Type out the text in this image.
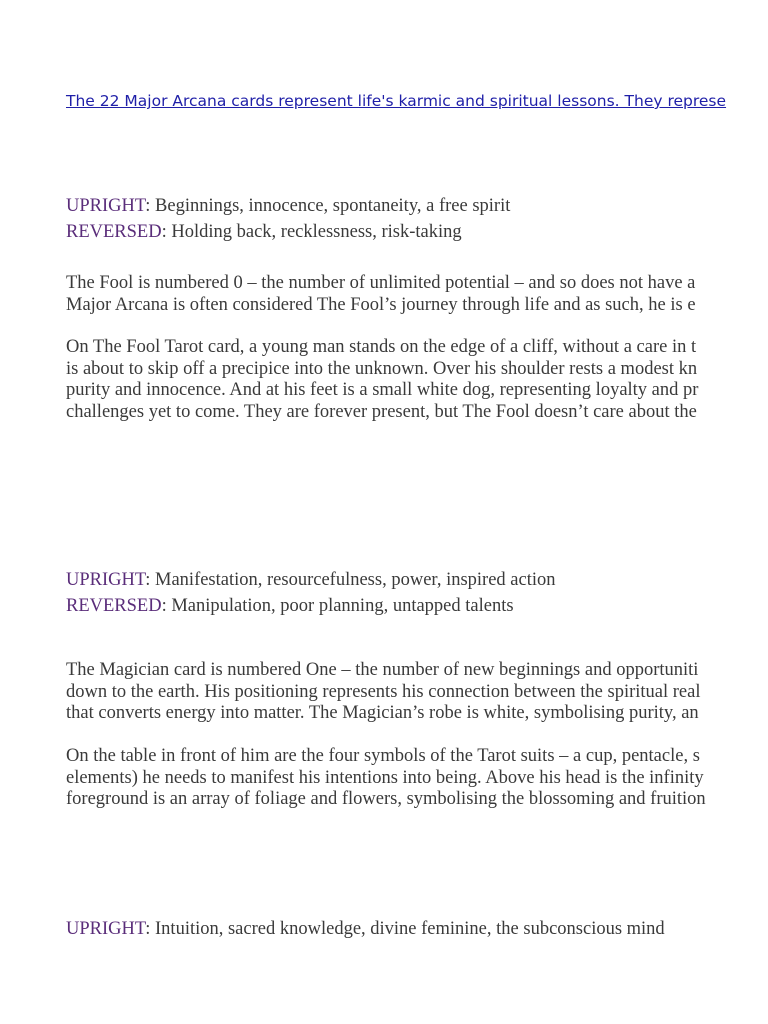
The 22 Major Arcana cards represent life's karmic and spiritual lessons. They represe
UPRIGHT: Beginnings, innocence, spontaneity, a free spirit
REVERSED: Holding back, recklessness, risk-taking
The Fool is numbered 0 – the number of unlimited potential – and so does not have a
Major Arcana is often considered The Fool’s journey through life and as such, he is e
On The Fool Tarot card, a young man stands on the edge of a cliff, without a care in t
is about to skip off a precipice into the unknown. Over his shoulder rests a modest kn
purity and innocence. And at his feet is a small white dog, representing loyalty and pr
challenges yet to come. They are forever present, but The Fool doesn’t care about the
UPRIGHT: Manifestation, resourcefulness, power, inspired action
REVERSED: Manipulation, poor planning, untapped talents
The Magician card is numbered One – the number of new beginnings and opportuniti
down to the earth. His positioning represents his connection between the spiritual real
that converts energy into matter. The Magician’s robe is white, symbolising purity, an
On the table in front of him are the four symbols of the Tarot suits – a cup, pentacle, s
elements) he needs to manifest his intentions into being. Above his head is the infinity
foreground is an array of foliage and flowers, symbolising the blossoming and fruition
UPRIGHT: Intuition, sacred knowledge, divine feminine, the subconscious mind
